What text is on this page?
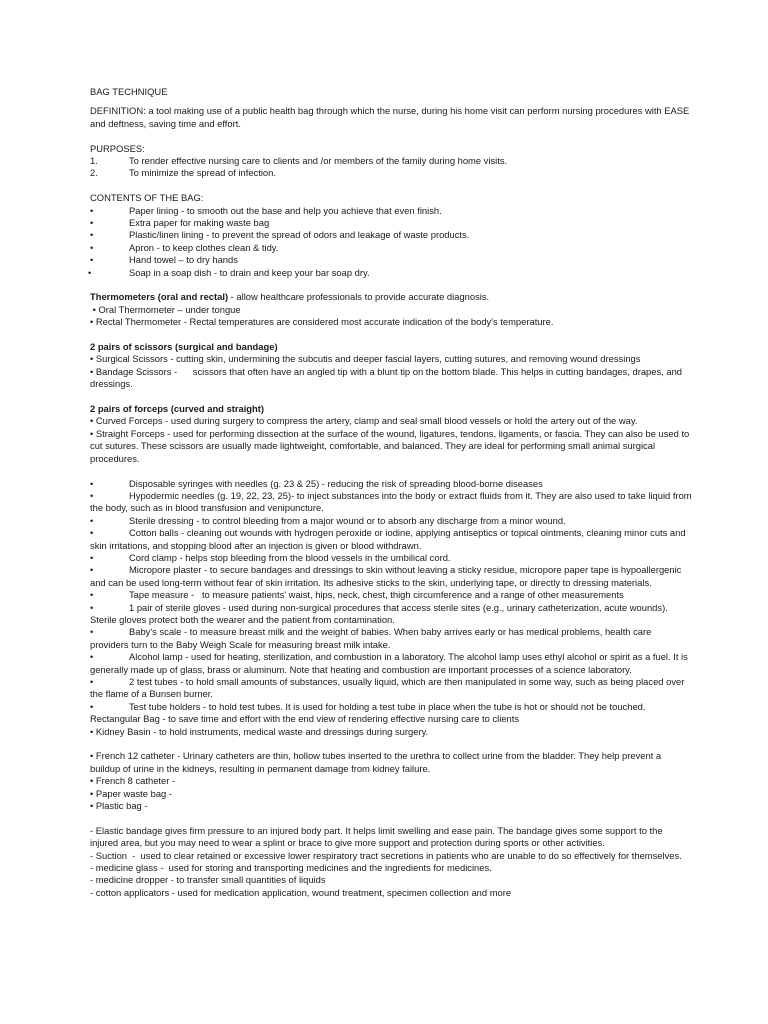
BAG TECHNIQUE

DEFINITION: a tool making use of a public health bag through which the nurse, during his home visit can perform nursing procedures with EASE and deftness, saving time and effort.

PURPOSES:

1.	To render effective nursing care to clients and /or members of the family during home visits.
2.	To minimize the spread of infection.

CONTENTS OF THE BAG:

•	Paper lining - to smooth out the base and help you achieve that even finish.
•	Extra paper for making waste bag
•	Plastic/linen lining - to prevent the spread of odors and leakage of waste products.
•	Apron - to keep clothes clean & tidy.
•	Hand towel – to dry hands
•	Soap in a soap dish - to drain and keep your bar soap dry.

Thermometers (oral and rectal) - allow healthcare professionals to provide accurate diagnosis.

• Oral Thermometer – under tongue

• Rectal Thermometer - Rectal temperatures are considered most accurate indication of the body's temperature.

2 pairs of scissors (surgical and bandage)

• Surgical Scissors - cutting skin, undermining the subcutis and deeper fascial layers, cutting sutures, and removing wound dressings

• Bandage Scissors -      scissors that often have an angled tip with a blunt tip on the bottom blade. This helps in cutting bandages, drapes, and dressings.

2 pairs of forceps (curved and straight)

• Curved Forceps - used during surgery to compress the artery, clamp and seal small blood vessels or hold the artery out of the way.

• Straight Forceps - used for performing dissection at the surface of the wound, ligatures, tendons, ligaments, or fascia. They can also be used to cut sutures. These scissors are usually made lightweight, comfortable, and balanced. They are ideal for performing small animal surgical procedures.

•	Disposable syringes with needles (g. 23 & 25) - reducing the risk of spreading blood-borne diseases

•	Hypodermic needles (g. 19, 22, 23, 25)- to inject substances into the body or extract fluids from it. They are also used to take liquid from the body, such as in blood transfusion and venipuncture.

•	Sterile dressing - to control bleeding from a major wound or to absorb any discharge from a minor wound.

•	Cotton balls - cleaning out wounds with hydrogen peroxide or iodine, applying antiseptics or topical ointments, cleaning minor cuts and skin irritations, and stopping blood after an injection is given or blood withdrawn.

•	Cord clamp - helps stop bleeding from the blood vessels in the umbilical cord.

•	Micropore plaster - to secure bandages and dressings to skin without leaving a sticky residue, micropore paper tape is hypoallergenic and can be used long-term without fear of skin irritation. Its adhesive sticks to the skin, underlying tape, or directly to dressing materials.

•	Tape measure -   to measure patients' waist, hips, neck, chest, thigh circumference and a range of other measurements

•	1 pair of sterile gloves - used during non-surgical procedures that access sterile sites (e.g., urinary catheterization, acute wounds). Sterile gloves protect both the wearer and the patient from contamination.

•	Baby's scale - to measure breast milk and the weight of babies. When baby arrives early or has medical problems, health care providers turn to the Baby Weigh Scale for measuring breast milk intake.

•	Alcohol lamp - used for heating, sterilization, and combustion in a laboratory. The alcohol lamp uses ethyl alcohol or spirit as a fuel. It is generally made up of glass, brass or aluminum. Note that heating and combustion are important processes of a science laboratory.

•	2 test tubes - to hold small amounts of substances, usually liquid, which are then manipulated in some way, such as being placed over the flame of a Bunsen burner.

•	Test tube holders - to hold test tubes. It is used for holding a test tube in place when the tube is hot or should not be touched.

Rectangular Bag - to save time and effort with the end view of rendering effective nursing care to clients

• Kidney Basin - to hold instruments, medical waste and dressings during surgery.

• French 12 catheter - Urinary catheters are thin, hollow tubes inserted to the urethra to collect urine from the bladder. They help prevent a buildup of urine in the kidneys, resulting in permanent damage from kidney failure.

• French 8 catheter -

• Paper waste bag -

• Plastic bag -

- Elastic bandage gives firm pressure to an injured body part. It helps limit swelling and ease pain. The bandage gives some support to the injured area, but you may need to wear a splint or brace to give more support and protection during sports or other activities.

- Suction  -  used to clear retained or excessive lower respiratory tract secretions in patients who are unable to do so effectively for themselves.

- medicine glass -  used for storing and transporting medicines and the ingredients for medicines.

- medicine dropper - to transfer small quantities of liquids

- cotton applicators - used for medication application, wound treatment, specimen collection and more
